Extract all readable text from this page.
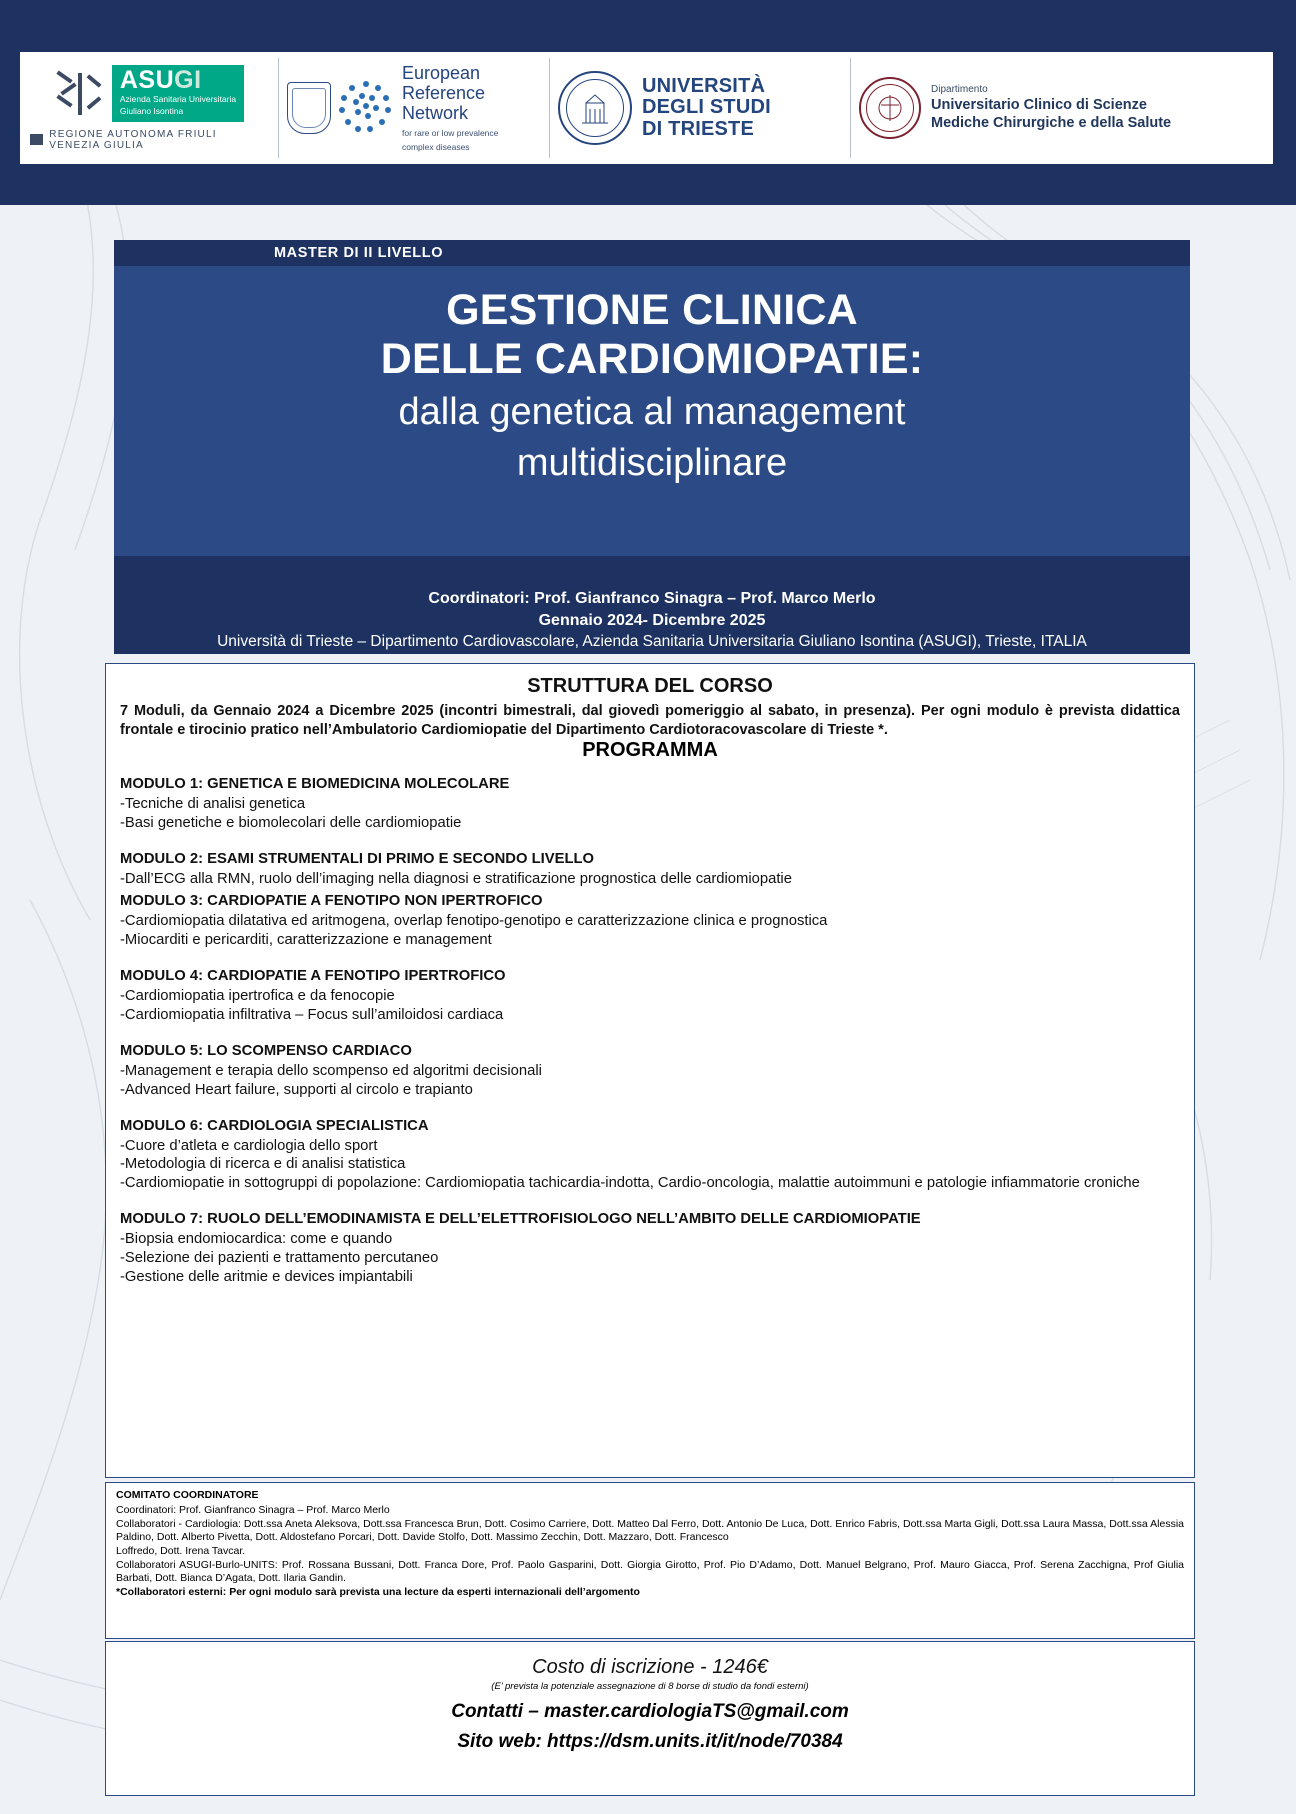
ASUGI
Azienda Sanitaria Universitaria
Giuliano Isontina
REGIONE AUTONOMA FRIULI VENEZIA GIULIA
European
Reference
Network
for rare or low prevalence
complex diseases
UNIVERSITÀ
DEGLI STUDI
DI TRIESTE
Dipartimento
Universitario Clinico di Scienze
Mediche Chirurgiche e della Salute
MASTER DI II LIVELLO
GESTIONE CLINICA
DELLE CARDIOMIOPATIE:
dalla genetica al management
multidisciplinare
Coordinatori: Prof. Gianfranco Sinagra – Prof. Marco Merlo
Gennaio 2024- Dicembre 2025
Università di Trieste – Dipartimento Cardiovascolare, Azienda Sanitaria Universitaria Giuliano Isontina (ASUGI), Trieste, ITALIA
STRUTTURA DEL CORSO
7 Moduli, da Gennaio 2024 a Dicembre 2025 (incontri bimestrali, dal giovedì pomeriggio al sabato, in presenza). Per ogni modulo è prevista didattica frontale e tirocinio pratico nell’Ambulatorio Cardiomiopatie del Dipartimento Cardiotoracovascolare di Trieste *.
PROGRAMMA
MODULO 1: GENETICA E BIOMEDICINA MOLECOLARE
-Tecniche di analisi genetica
-Basi genetiche e biomolecolari delle cardiomiopatie
MODULO 2: ESAMI STRUMENTALI DI PRIMO E SECONDO LIVELLO
-Dall’ECG alla RMN, ruolo dell’imaging nella diagnosi e stratificazione prognostica delle cardiomiopatie
MODULO 3: CARDIOPATIE A FENOTIPO NON IPERTROFICO
-Cardiomiopatia dilatativa ed aritmogena, overlap fenotipo-genotipo e caratterizzazione clinica e prognostica
-Miocarditi e pericarditi, caratterizzazione e management
MODULO 4: CARDIOPATIE A FENOTIPO IPERTROFICO
-Cardiomiopatia ipertrofica e da fenocopie
-Cardiomiopatia infiltrativa – Focus sull’amiloidosi cardiaca
MODULO 5: LO SCOMPENSO CARDIACO
-Management e terapia dello scompenso ed algoritmi decisionali
-Advanced Heart failure, supporti al circolo e trapianto
MODULO 6: CARDIOLOGIA SPECIALISTICA
-Cuore d’atleta e cardiologia dello sport
-Metodologia di ricerca e di analisi statistica
-Cardiomiopatie in sottogruppi di popolazione: Cardiomiopatia tachicardia-indotta, Cardio-oncologia, malattie autoimmuni e patologie infiammatorie croniche
MODULO 7: RUOLO DELL’EMODINAMISTA E DELL’ELETTROFISIOLOGO NELL’AMBITO DELLE CARDIOMIOPATIE
-Biopsia endomiocardica: come e quando
-Selezione dei pazienti e trattamento percutaneo
-Gestione delle aritmie e devices impiantabili
COMITATO COORDINATORE
Coordinatori: Prof. Gianfranco Sinagra – Prof. Marco Merlo
Collaboratori - Cardiologia: Dott.ssa Aneta Aleksova, Dott.ssa Francesca Brun, Dott. Cosimo Carriere, Dott. Matteo Dal Ferro, Dott. Antonio De Luca, Dott. Enrico Fabris, Dott.ssa Marta Gigli, Dott.ssa Laura Massa, Dott.ssa Alessia Paldino, Dott. Alberto Pivetta, Dott. Aldostefano Porcari, Dott. Davide Stolfo, Dott. Massimo Zecchin, Dott. Mazzaro, Dott. Francesco
Loffredo, Dott. Irena Tavcar.
Collaboratori ASUGI-Burlo-UNITS: Prof. Rossana Bussani, Dott. Franca Dore, Prof. Paolo Gasparini, Dott. Giorgia Girotto, Prof. Pio D’Adamo, Dott. Manuel Belgrano, Prof. Mauro Giacca, Prof. Serena Zacchigna, Prof Giulia Barbati, Dott. Bianca D’Agata, Dott. Ilaria Gandin.
*Collaboratori esterni: Per ogni modulo sarà prevista una lecture da esperti internazionali dell’argomento
Costo di iscrizione - 1246€
(E’ prevista la potenziale assegnazione di 8 borse di studio da fondi esterni)
Contatti – master.cardiologiaTS@gmail.com
Sito web: https://dsm.units.it/it/node/70384
